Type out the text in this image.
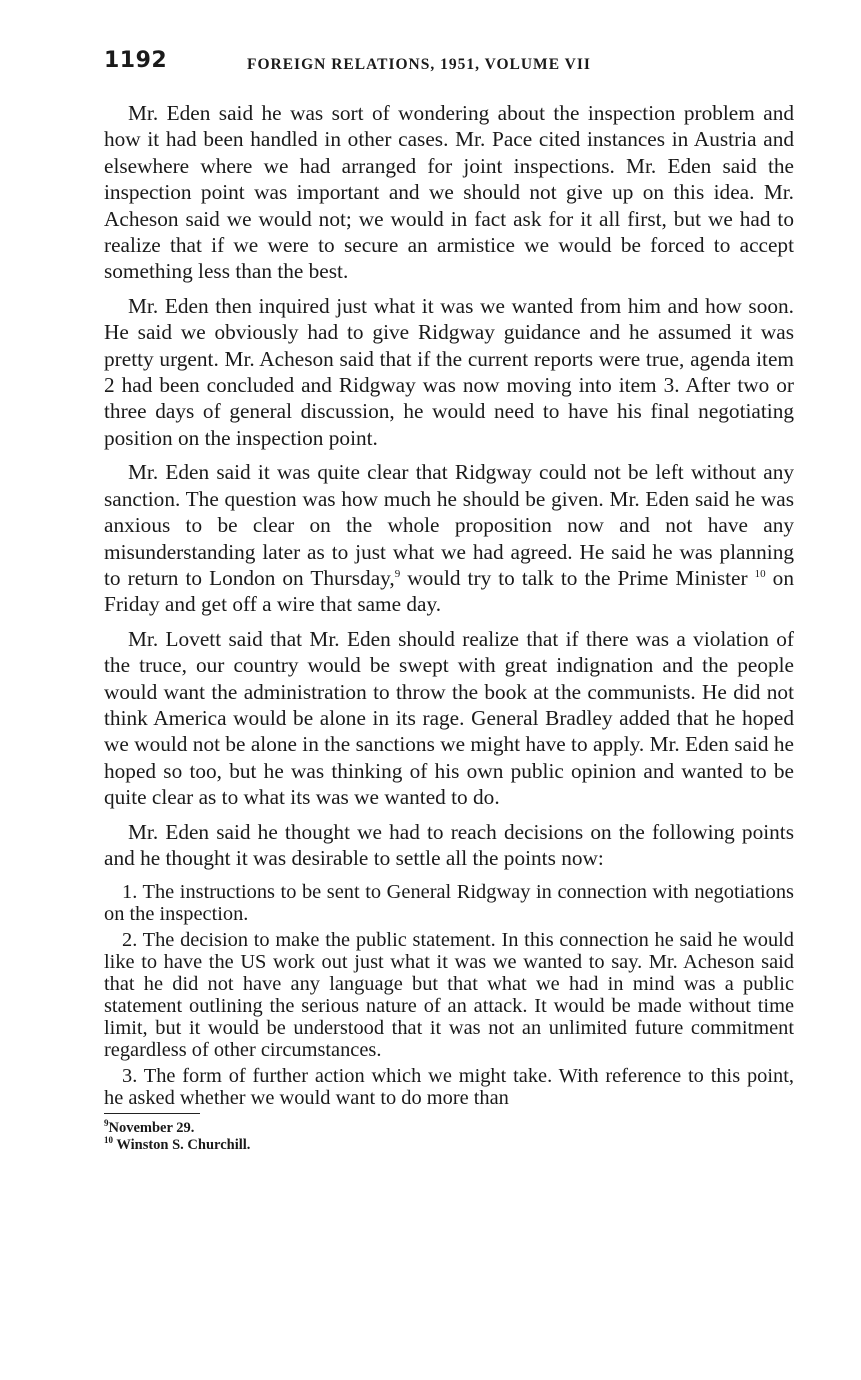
1192	FOREIGN RELATIONS, 1951, VOLUME VII

Mr. Eden said he was sort of wondering about the inspection problem and how it had been handled in other cases. Mr. Pace cited instances in Austria and elsewhere where we had arranged for joint inspections. Mr. Eden said the inspection point was important and we should not give up on this idea. Mr. Acheson said we would not; we would in fact ask for it all first, but we had to realize that if we were to secure an armistice we would be forced to accept something less than the best.

Mr. Eden then inquired just what it was we wanted from him and how soon. He said we obviously had to give Ridgway guidance and he assumed it was pretty urgent. Mr. Acheson said that if the current reports were true, agenda item 2 had been concluded and Ridgway was now moving into item 3. After two or three days of general discussion, he would need to have his final negotiating position on the inspection point.

Mr. Eden said it was quite clear that Ridgway could not be left without any sanction. The question was how much he should be given. Mr. Eden said he was anxious to be clear on the whole proposition now and not have any misunderstanding later as to just what we had agreed. He said he was planning to return to London on Thursday,$^9$ would try to talk to the Prime Minister $^{10}$ on Friday and get off a wire that same day.

Mr. Lovett said that Mr. Eden should realize that if there was a violation of the truce, our country would be swept with great indignation and the people would want the administration to throw the book at the communists. He did not think America would be alone in its rage. General Bradley added that he hoped we would not be alone in the sanctions we might have to apply. Mr. Eden said he hoped so too, but he was thinking of his own public opinion and wanted to be quite clear as to what its was we wanted to do.

Mr. Eden said he thought we had to reach decisions on the following points and he thought it was desirable to settle all the points now:

1. The instructions to be sent to General Ridgway in connection with negotiations on the inspection.

2. The decision to make the public statement. In this connection he said he would like to have the US work out just what it was we wanted to say. Mr. Acheson said that he did not have any language but that what we had in mind was a public statement outlining the serious nature of an attack. It would be made without time limit, but it would be understood that it was not an unlimited future commitment regardless of other circumstances.

3. The form of further action which we might take. With reference to this point, he asked whether we would want to do more than

$^9$November 29.

$^{10}$ Winston S. Churchill.
